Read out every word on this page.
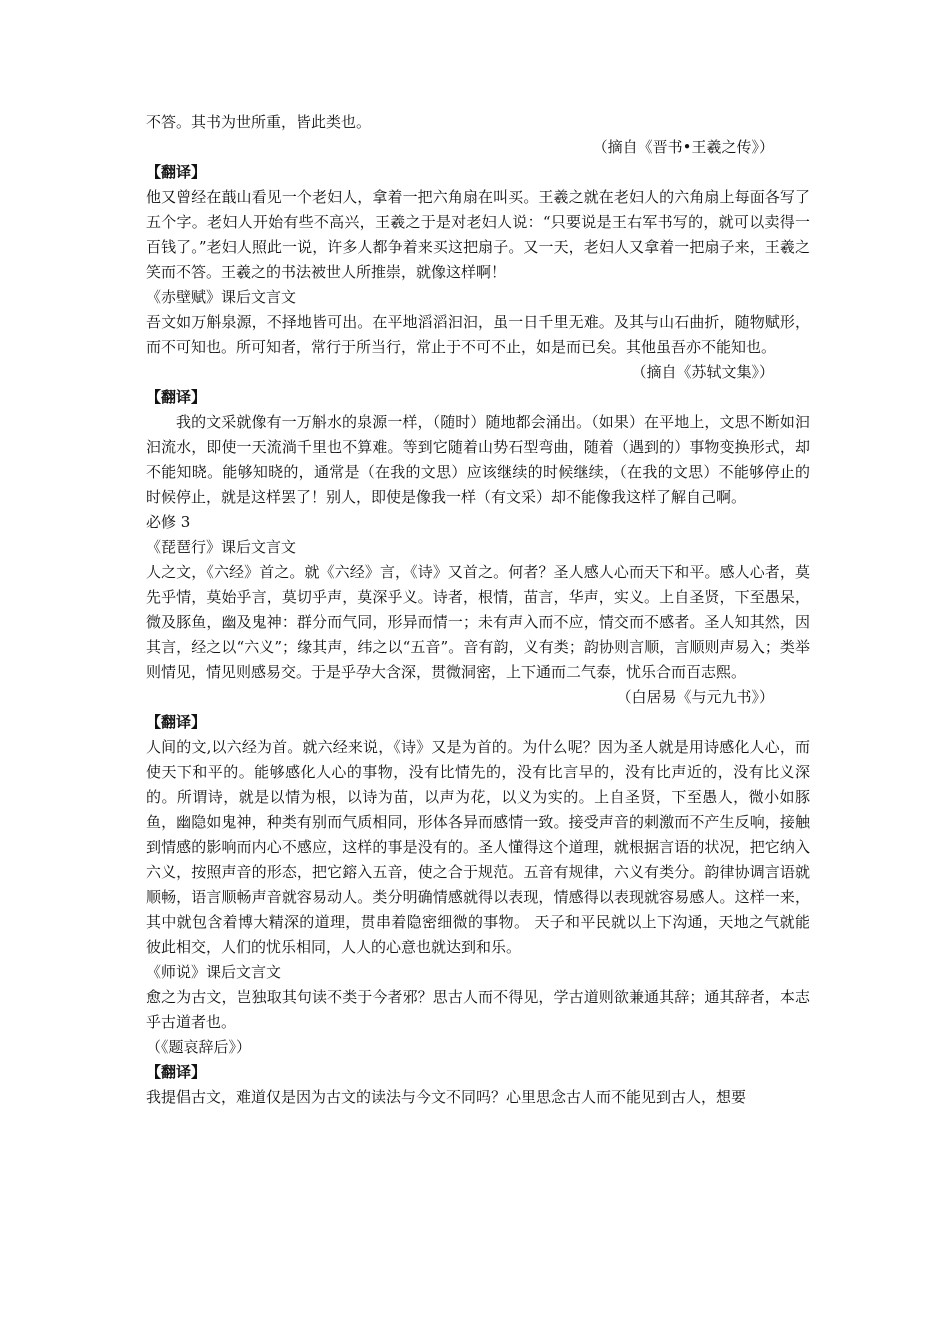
不答。其书为世所重，皆此类也。

（摘自《晋书•王羲之传》）

【翻译】

他又曾经在蕺山看见一个老妇人，拿着一把六角扇在叫买。王羲之就在老妇人的六角扇上每面各写了五个字。老妇人开始有些不高兴，王羲之于是对老妇人说：“只要说是王右军书写的，就可以卖得一百钱了。”老妇人照此一说，许多人都争着来买这把扇子。又一天，老妇人又拿着一把扇子来，王羲之笑而不答。王羲之的书法被世人所推崇，就像这样啊！

《赤壁赋》课后文言文

吾文如万斛泉源，不择地皆可出。在平地滔滔汩汩，虽一日千里无难。及其与山石曲折，随物赋形，而不可知也。所可知者，常行于所当行，常止于不可不止，如是而已矣。其他虽吾亦不能知也。

（摘自《苏轼文集》）

【翻译】

我的文采就像有一万斛水的泉源一样，（随时）随地都会涌出。（如果）在平地上，文思不断如汩汩流水，即使一天流淌千里也不算难。等到它随着山势石型弯曲，随着（遇到的）事物变换形式，却不能知晓。能够知晓的，通常是（在我的文思）应该继续的时候继续，（在我的文思）不能够停止的时候停止，就是这样罢了！别人，即使是像我一样（有文采）却不能像我这样了解自己啊。

必修 3

《琵琶行》课后文言文

人之文，《六经》首之。就《六经》言，《诗》又首之。何者？圣人感人心而天下和平。感人心者，莫先乎情，莫始乎言，莫切乎声，莫深乎义。诗者，根情，苗言，华声，实义。上自圣贤，下至愚呆，微及豚鱼，幽及鬼神：群分而气同，形异而情一；未有声入而不应，情交而不感者。圣人知其然，因其言，经之以“六义”；缘其声，纬之以“五音”。音有韵，义有类；韵协则言顺，言顺则声易入；类举则情见，情见则感易交。于是乎孕大含深，贯微洞密，上下通而二气泰，忧乐合而百志熙。

（白居易《与元九书》）

【翻译】

人间的文,以六经为首。就六经来说，《诗》又是为首的。为什么呢？因为圣人就是用诗感化人心，而使天下和平的。能够感化人心的事物，没有比情先的，没有比言早的，没有比声近的，没有比义深的。所谓诗，就是以情为根，以诗为苗，以声为花，以义为实的。上自圣贤，下至愚人，微小如豚鱼，幽隐如鬼神，种类有别而气质相同，形体各异而感情一致。接受声音的刺激而不产生反响，接触到情感的影响而内心不感应，这样的事是没有的。圣人懂得这个道理，就根据言语的状况，把它纳入六义，按照声音的形态，把它鎔入五音，使之合于规范。五音有规律，六义有类分。韵律协调言语就顺畅，语言顺畅声音就容易动人。类分明确情感就得以表现，情感得以表现就容易感人。这样一来，其中就包含着博大精深的道理，贯串着隐密细微的事物。 天子和平民就以上下沟通，天地之气就能彼此相交，人们的忧乐相同，人人的心意也就达到和乐。

《师说》课后文言文

愈之为古文，岂独取其句读不类于今者邪？思古人而不得见，学古道则欲兼通其辞；通其辞者，本志乎古道者也。

（《题哀辞后》）

【翻译】

我提倡古文，难道仅是因为古文的读法与今文不同吗？心里思念古人而不能见到古人，想要
